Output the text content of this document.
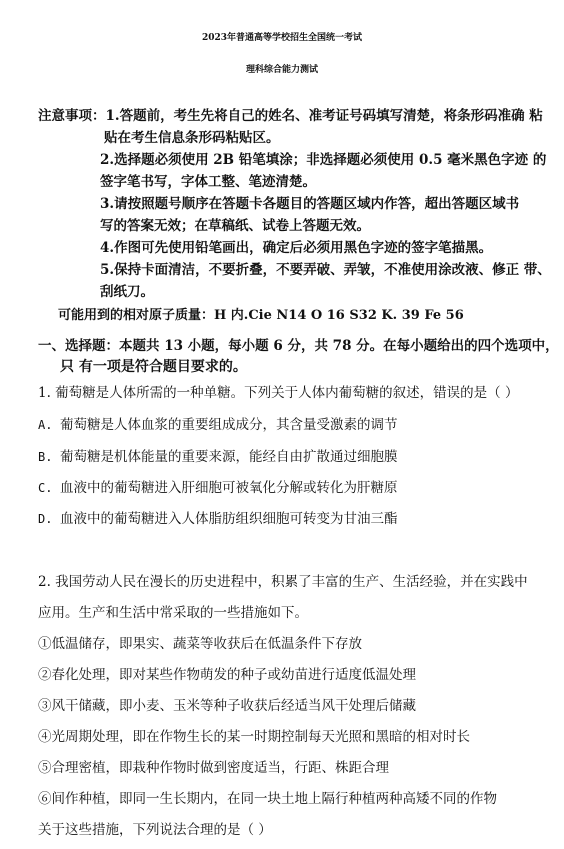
2023年普通高等学校招生全国统一考试
理科综合能力测试
注意事项：1.答题前，考生先将自己的姓名、准考证号码填写清楚，将条形码准确 粘
贴在考生信息条形码粘贴区。
2.选择题必须使用 2B 铅笔填涂；非选择题必须使用 0.5 毫米黑色字迹 的
签字笔书写，字体工整、笔迹清楚。
3.请按照题号顺序在答题卡各题目的答题区域内作答，超出答题区域书
写的答案无效；在草稿纸、试卷上答题无效。
4.作图可先使用铅笔画出，确定后必须用黑色字迹的签字笔描黑。
5.保持卡面清洁，不要折叠，不要弄破、弄皱，不准使用涂改液、修正 带、
刮纸刀。
可能用到的相对原子质量：H 内.Cie N14 O 16 S32 K. 39 Fe 56
一、选择题：本题共 13 小题，每小题 6 分，共 78 分。在每小题给出的四个选项中，
只 有一项是符合题目要求的。
1. 葡萄糖是人体所需的一种单糖。下列关于人体内葡萄糖的叙述，错误的是（ ）
A. 葡萄糖是人体血浆的重要组成成分，其含量受激素的调节
B. 葡萄糖是机体能量的重要来源，能经自由扩散通过细胞膜
C. 血液中的葡萄糖进入肝细胞可被氧化分解或转化为肝糖原
D. 血液中的葡萄糖进入人体脂肪组织细胞可转变为甘油三酯
2. 我国劳动人民在漫长的历史进程中，积累了丰富的生产、生活经验，并在实践中
应用。生产和生活中常采取的一些措施如下。
①低温储存，即果实、蔬菜等收获后在低温条件下存放
②春化处理，即对某些作物萌发的种子或幼苗进行适度低温处理
③风干储藏，即小麦、玉米等种子收获后经适当风干处理后储藏
④光周期处理，即在作物生长的某一时期控制每天光照和黑暗的相对时长
⑤合理密植，即栽种作物时做到密度适当，行距、株距合理
⑥间作种植，即同一生长期内，在同一块土地上隔行种植两种高矮不同的作物
关于这些措施，下列说法合理的是（ ）
